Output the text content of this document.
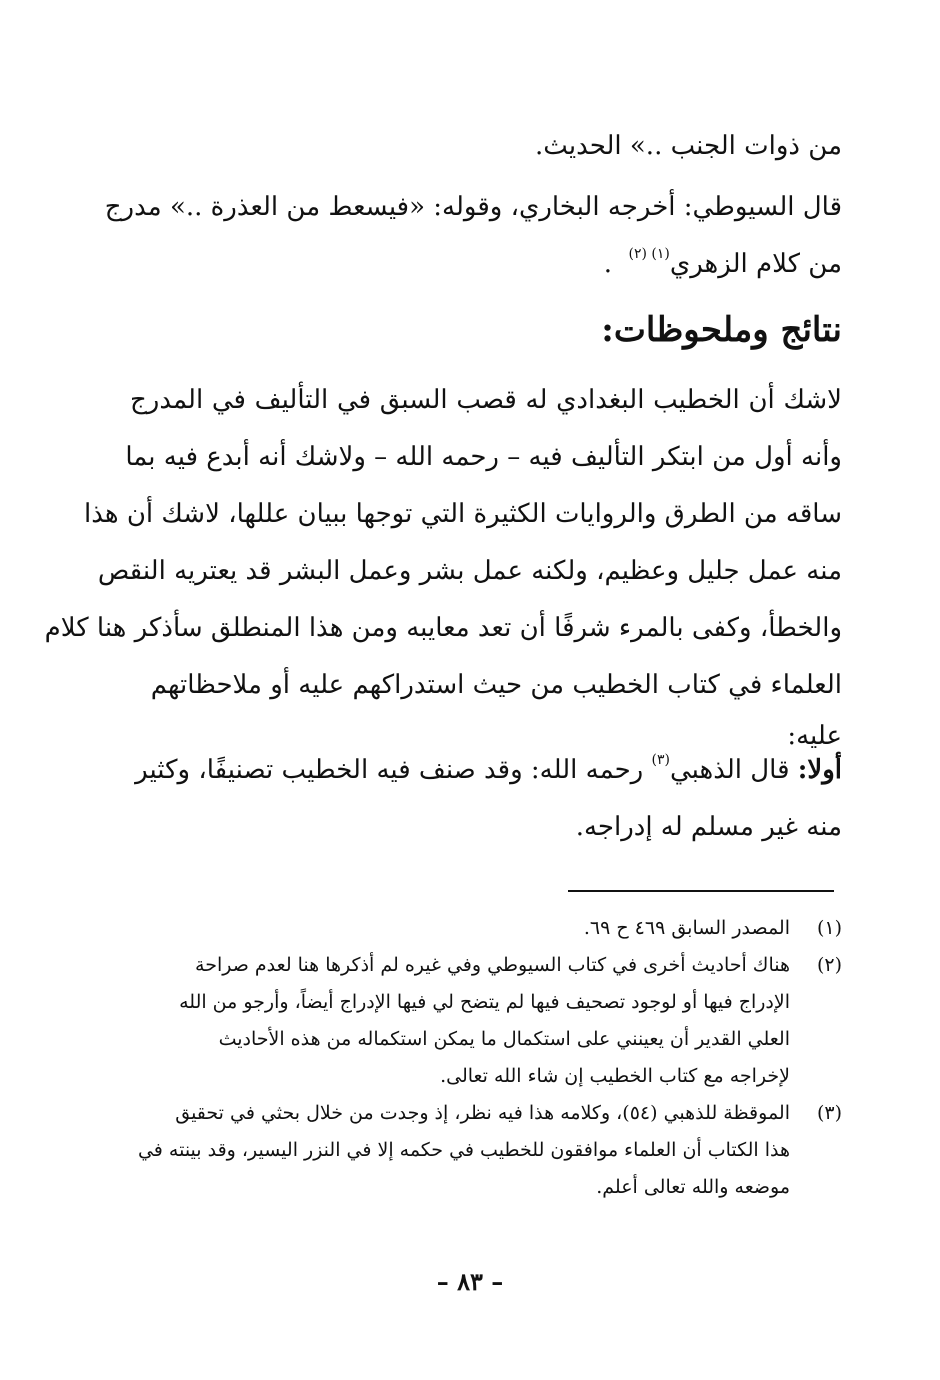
من ذوات الجنب ..» الحديث.
قال السيوطي: أخرجه البخاري، وقوله: «فيسعط من العذرة ..» مدرج
من كلام الزهري$^{(١) (٢)}$  .
نتائج وملحوظات:
لاشك أن الخطيب البغدادي له قصب السبق في التأليف في المدرج
وأنه أول من ابتكر التأليف فيه – رحمه الله – ولاشك أنه أبدع فيه بما
ساقه من الطرق والروايات الكثيرة التي توجها ببيان عللها، لاشك أن هذا
منه عمل جليل وعظيم، ولكنه عمل بشر وعمل البشر قد يعتريه النقص
والخطأ، وكفى بالمرء شرفًا أن تعد معايبه ومن هذا المنطلق سأذكر هنا كلام
العلماء في كتاب الخطيب من حيث استدراكهم عليه أو ملاحظاتهم
عليه:
أولا: قال الذهبي$^{(٣)}$ رحمه الله: وقد صنف فيه الخطيب تصنيفًا، وكثير
منه غير مسلم له إدراجه.
(١)
المصدر السابق ٤٦٩ ح ٦٩.
(٢)
هناك أحاديث أخرى في كتاب السيوطي وفي غيره لم أذكرها هنا لعدم صراحة
الإدراج فيها أو لوجود تصحيف فيها لم يتضح لي فيها الإدراج أيضاً، وأرجو من الله
العلي القدير أن يعينني على استكمال ما يمكن استكماله من هذه الأحاديث
لإخراجه مع كتاب الخطيب إن شاء الله تعالى.
(٣)
الموقظة للذهبي (٥٤)، وكلامه هذا فيه نظر، إذ وجدت من خلال بحثي في تحقيق
هذا الكتاب أن العلماء موافقون للخطيب في حكمه إلا في النزر اليسير، وقد بينته في
موضعه والله تعالى أعلم.
– ٨٣ –
